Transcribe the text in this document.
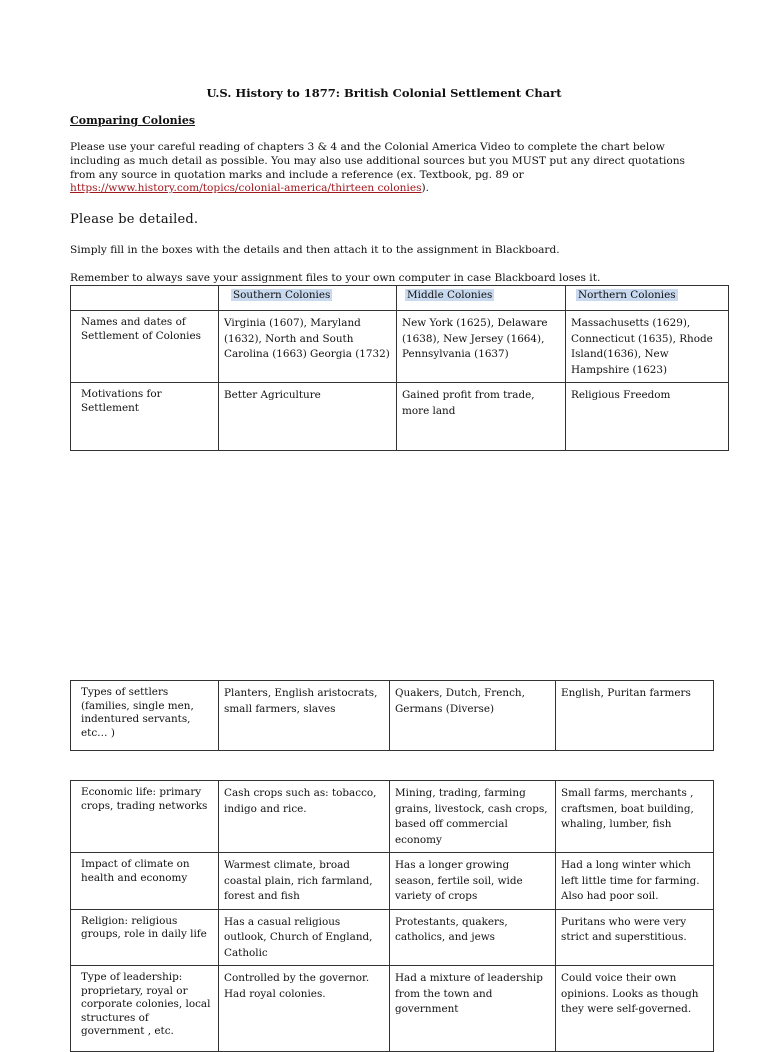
U.S. History to 1877: British Colonial Settlement Chart
Comparing Colonies
Please use your careful reading of chapters 3 & 4 and the Colonial America Video to complete the chart below including as much detail as possible. You may also use additional sources but you MUST put any direct quotations from any source in quotation marks and include a reference (ex. Textbook, pg. 89 or https://www.history.com/topics/colonial-america/thirteen colonies).
Please be detailed.
Simply fill in the boxes with the details and then attach it to the assignment in Blackboard.
Remember to always save your assignment files to your own computer in case Blackboard loses it.
	Southern Colonies	Middle Colonies	Northern Colonies
Names and dates of Settlement of Colonies	Virginia (1607), Maryland (1632), North and South Carolina (1663) Georgia (1732)	New York (1625), Delaware (1638), New Jersey (1664), Pennsylvania (1637)	Massachusetts (1629), Connecticut (1635), Rhode Island(1636), New Hampshire (1623)
Motivations for Settlement	Better Agriculture	Gained profit from trade, more land	Religious Freedom
Types of settlers (families, single men, indentured servants, etc… )	Planters, English aristocrats, small farmers, slaves	Quakers, Dutch, French, Germans (Diverse)	English, Puritan farmers
Economic life: primary crops, trading networks	Cash crops such as: tobacco, indigo and rice.	Mining, trading, farming grains, livestock, cash crops, based off commercial economy	Small farms, merchants , craftsmen, boat building, whaling, lumber, fish
Impact of climate on health and economy	Warmest climate, broad coastal plain, rich farmland, forest and fish	Has a longer growing season, fertile soil, wide variety of crops	Had a long winter which left little time for farming. Also had poor soil.
Religion: religious groups, role in daily life	Has a casual religious outlook, Church of England, Catholic	Protestants, quakers, catholics, and jews	Puritans who were very strict and superstitious.
Type of leadership: proprietary, royal or corporate colonies, local structures of government , etc.	Controlled by the governor. Had royal colonies.	Had a mixture of leadership from the town and government	Could voice their own opinions. Looks as though they were self-governed.
